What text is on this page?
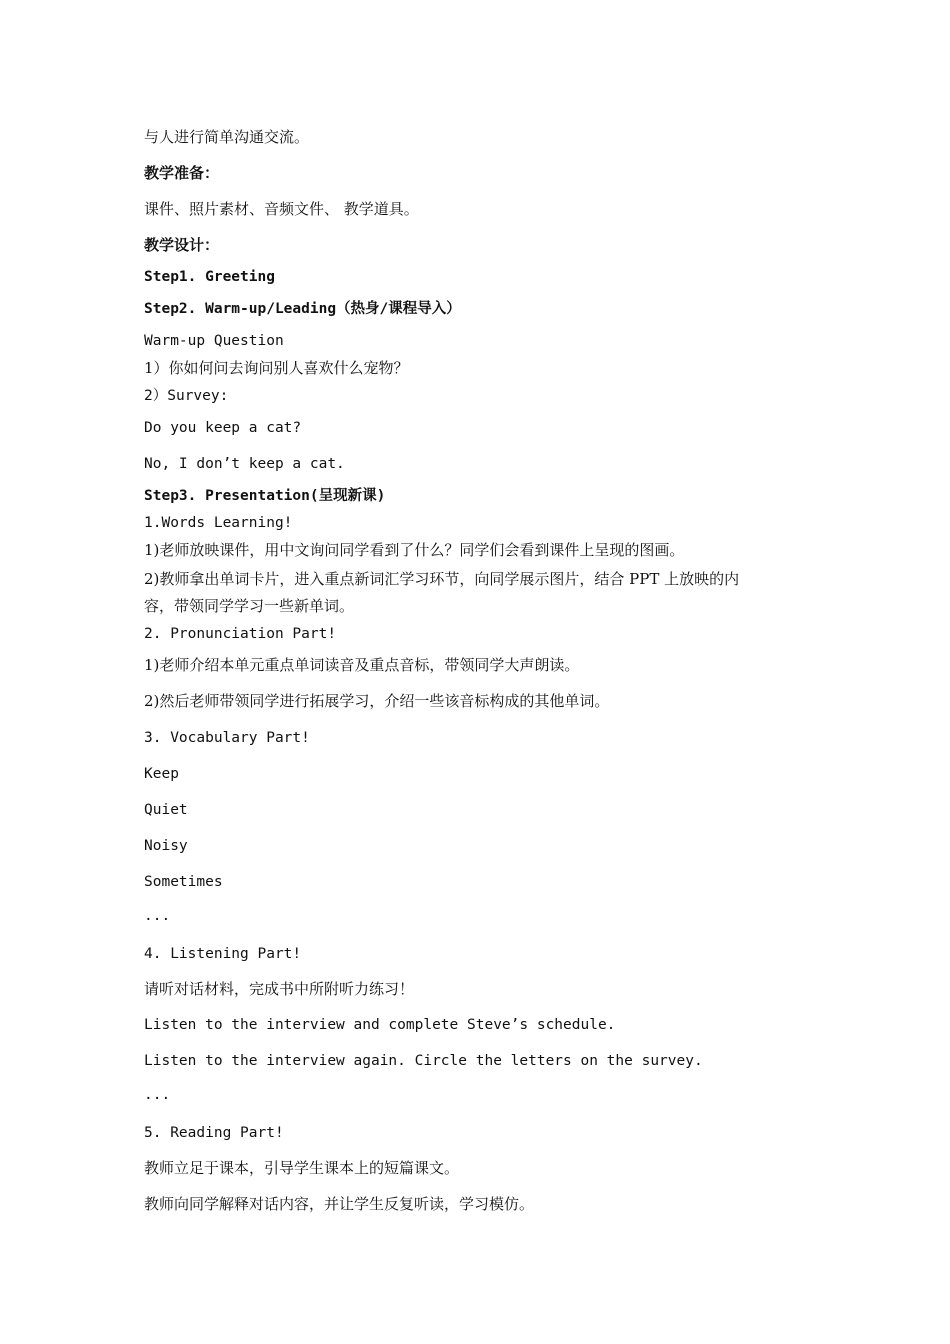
与人进行简单沟通交流。
教学准备：
课件、照片素材、音频文件、 教学道具。
教学设计：
Step1. Greeting
Step2. Warm-up/Leading（热身/课程导入）
Warm-up Question
1）你如何问去询问别人喜欢什么宠物？
2）Survey:
Do you keep a cat?
No, I don’t keep a cat.
Step3. Presentation(呈现新课)
1.Words Learning!
1)老师放映课件，用中文询问同学看到了什么？同学们会看到课件上呈现的图画。
2)教师拿出单词卡片，进入重点新词汇学习环节，向同学展示图片，结合 PPT 上放映的内
容，带领同学学习一些新单词。
2. Pronunciation Part!
1)老师介绍本单元重点单词读音及重点音标，带领同学大声朗读。
2)然后老师带领同学进行拓展学习，介绍一些该音标构成的其他单词。
3. Vocabulary Part!
Keep
Quiet
Noisy
Sometimes
...
4. Listening Part!
请听对话材料，完成书中所附听力练习！
Listen to the interview and complete Steve’s schedule.
Listen to the interview again. Circle the letters on the survey.
...
5. Reading Part!
教师立足于课本，引导学生课本上的短篇课文。
教师向同学解释对话内容，并让学生反复听读，学习模仿。
